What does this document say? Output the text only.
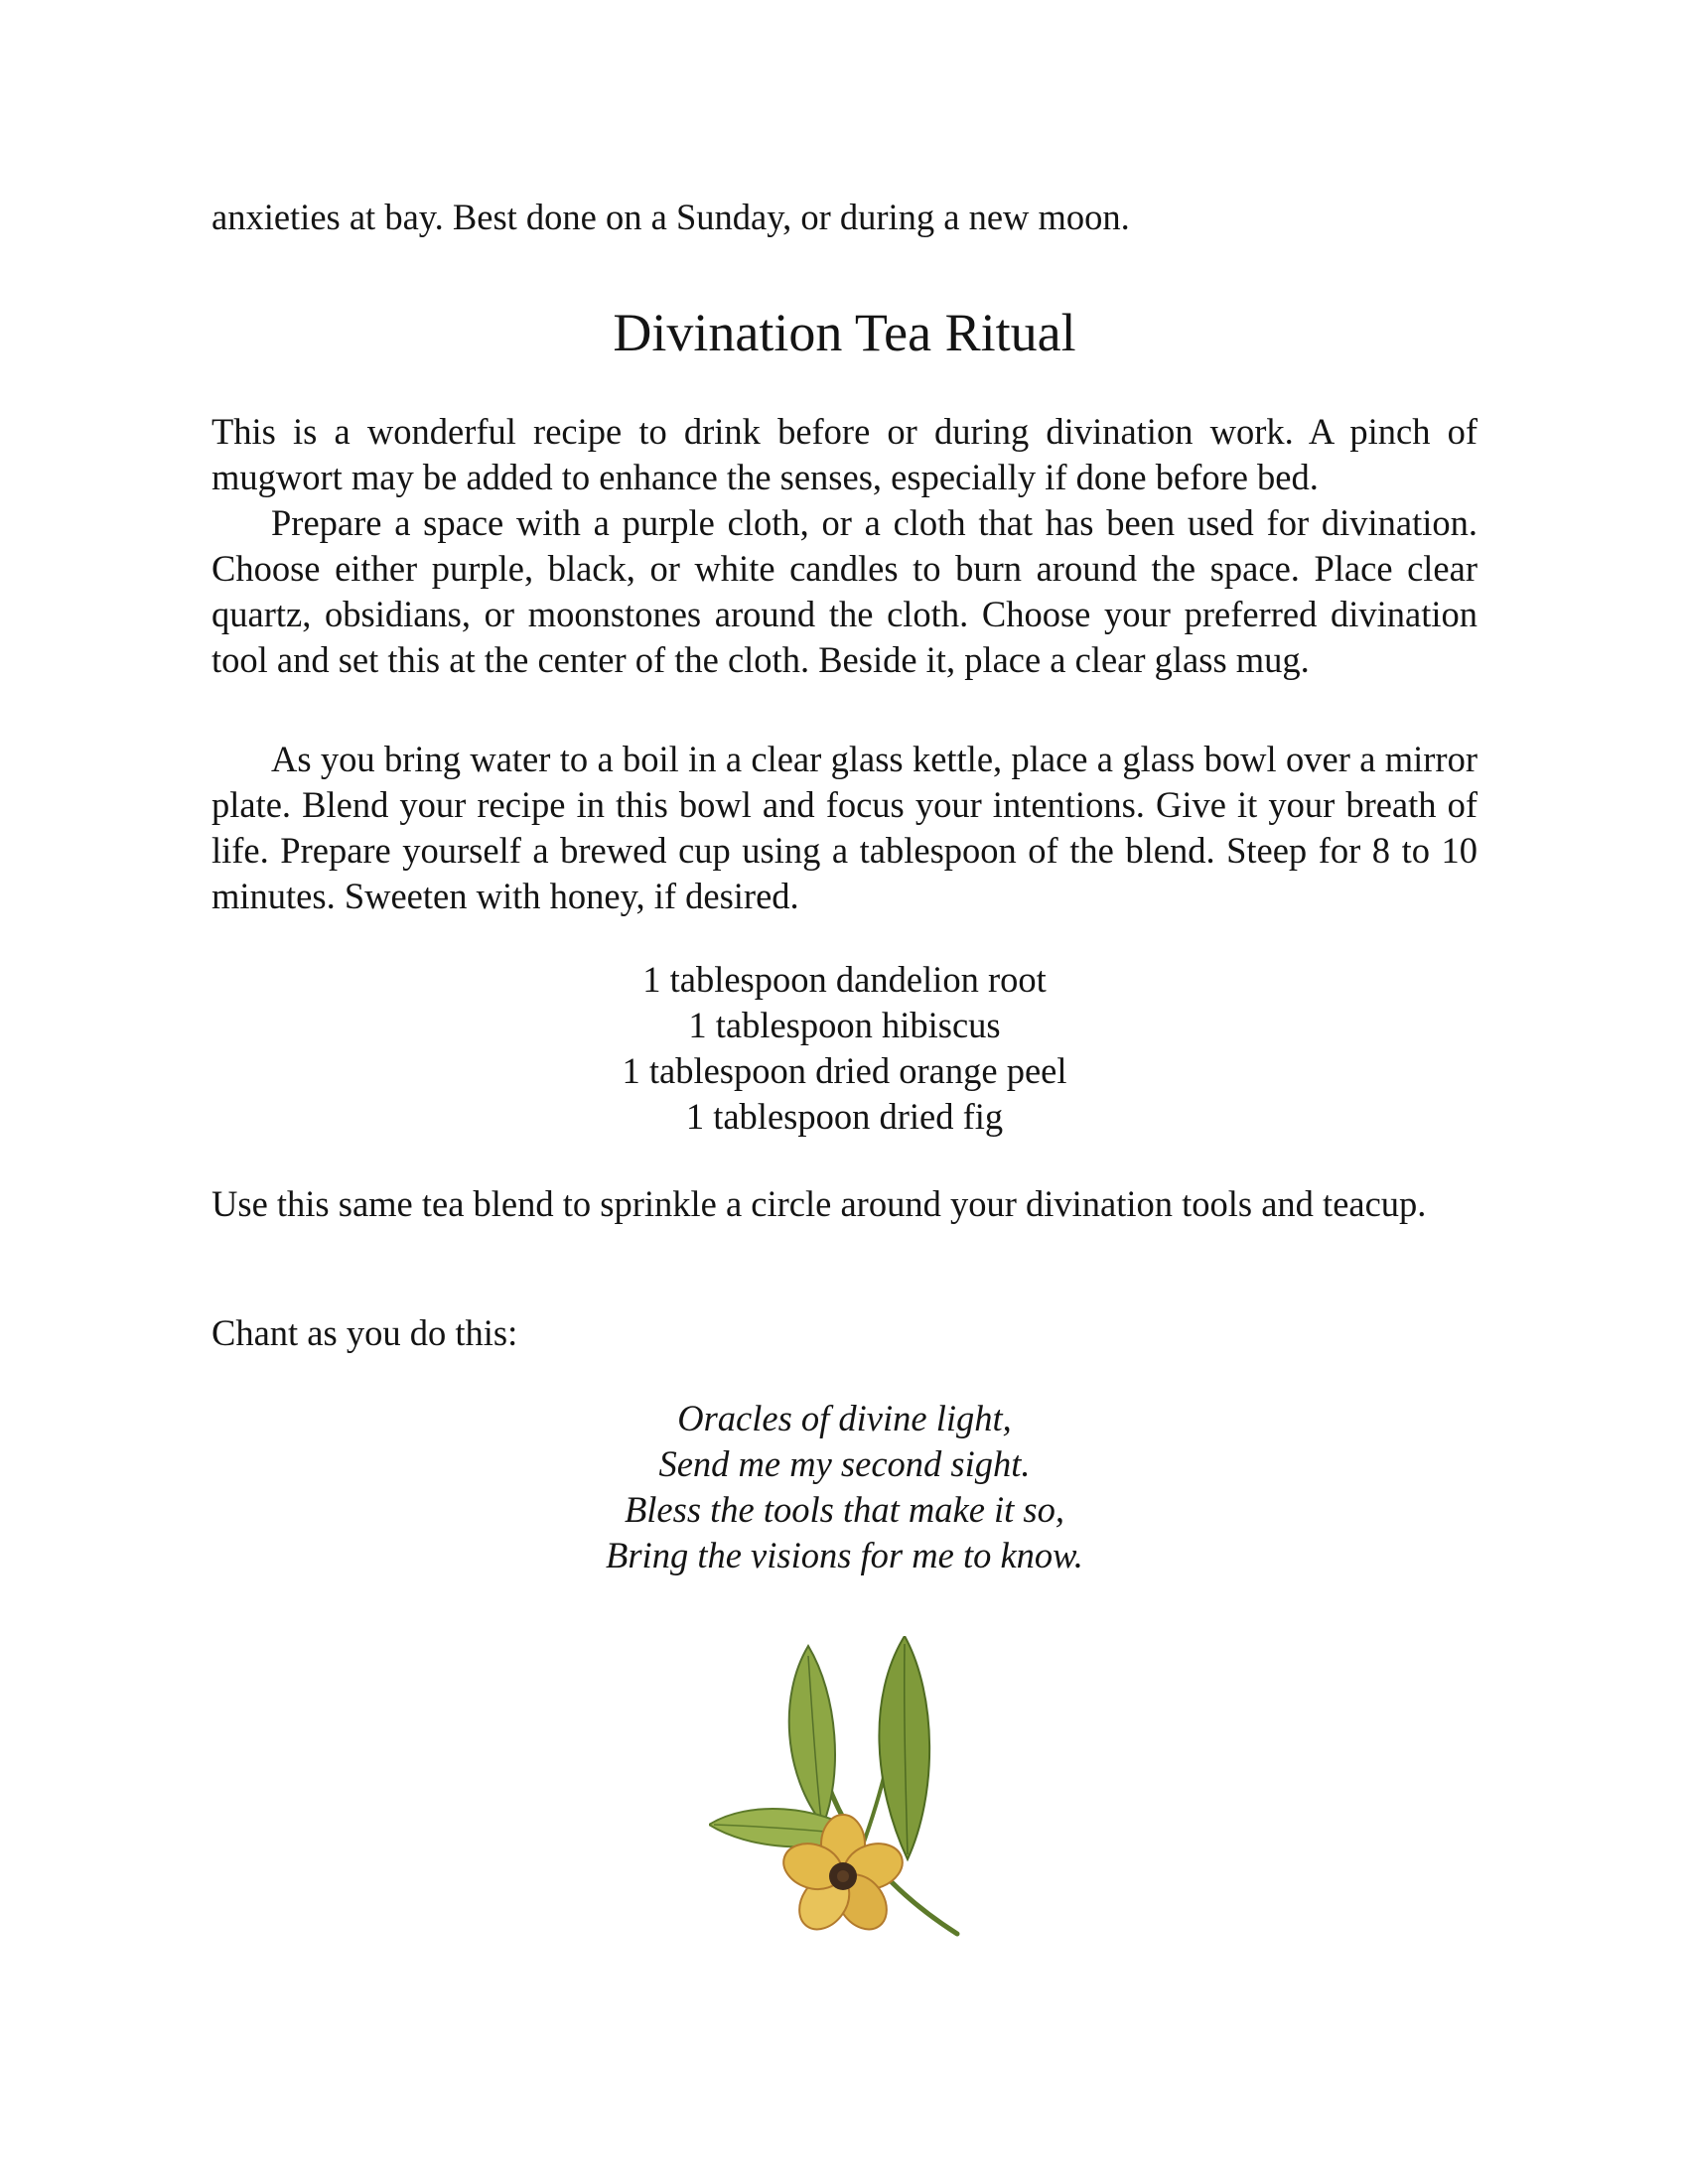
anxieties at bay. Best done on a Sunday, or during a new moon.

Divination Tea Ritual

This is a wonderful recipe to drink before or during divination work. A pinch of mugwort may be added to enhance the senses, especially if done before bed.

Prepare a space with a purple cloth, or a cloth that has been used for divination. Choose either purple, black, or white candles to burn around the space. Place clear quartz, obsidians, or moonstones around the cloth. Choose your preferred divination tool and set this at the center of the cloth. Beside it, place a clear glass mug.

As you bring water to a boil in a clear glass kettle, place a glass bowl over a mirror plate. Blend your recipe in this bowl and focus your intentions. Give it your breath of life. Prepare yourself a brewed cup using a tablespoon of the blend. Steep for 8 to 10 minutes. Sweeten with honey, if desired.

1 tablespoon dandelion root
1 tablespoon hibiscus
1 tablespoon dried orange peel
1 tablespoon dried fig

Use this same tea blend to sprinkle a circle around your divination tools and teacup.

Chant as you do this:

Oracles of divine light,
Send me my second sight.
Bless the tools that make it so,
Bring the visions for me to know.
